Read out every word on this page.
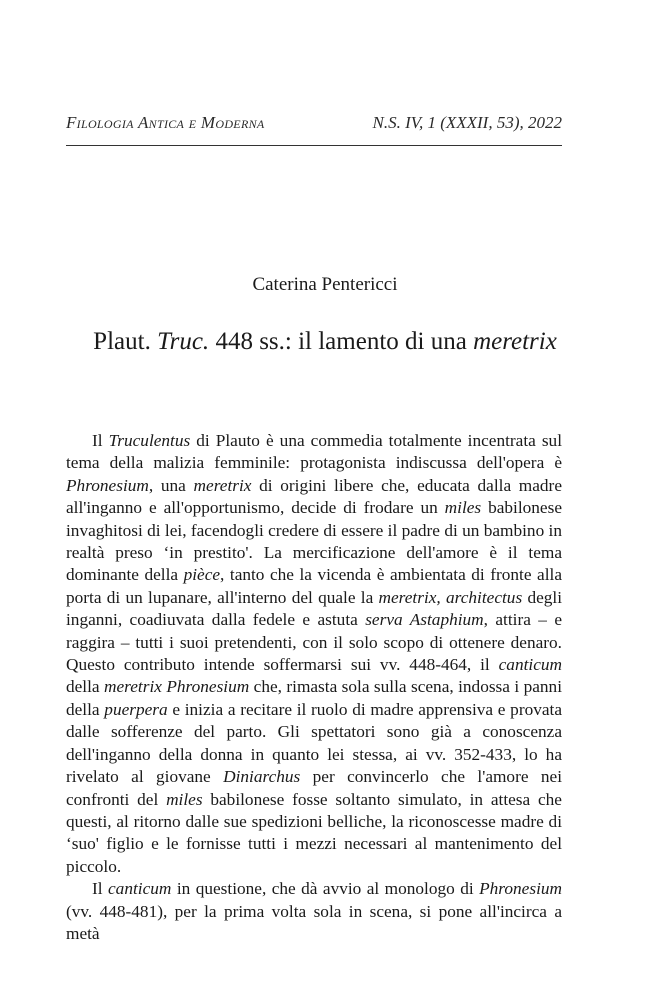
Filologia Antica e Moderna	N.S. IV, 1 (XXXII, 53), 2022
Caterina Pentericci
Plaut. Truc. 448 ss.: il lamento di una meretrix

Il Truculentus di Plauto è una commedia totalmente incentrata sul tema della malizia femminile: protagonista indiscussa dell'opera è Phronesium, una meretrix di origini libere che, educata dalla madre all'inganno e all'opportunismo, decide di frodare un miles babilonese invaghitosi di lei, facendogli credere di essere il padre di un bambino in realtà preso ‘in prestito'. La mercificazione dell'amore è il tema dominante della pièce, tanto che la vicenda è ambientata di fronte alla porta di un lupanare, all'interno del quale la meretrix, architectus degli inganni, coadiuvata dalla fedele e astuta serva Astaphium, attira – e raggira – tutti i suoi pretendenti, con il solo scopo di ottenere denaro. Questo contributo intende soffermarsi sui vv. 448-464, il canticum della meretrix Phronesium che, rimasta sola sulla scena, indossa i panni della puerpera e inizia a recitare il ruolo di madre apprensiva e provata dalle sofferenze del parto. Gli spettatori sono già a conoscenza dell'inganno della donna in quanto lei stessa, ai vv. 352-433, lo ha rivelato al giovane Diniarchus per convincerlo che l'amore nei confronti del miles babilonese fosse soltanto simulato, in attesa che questi, al ritorno dalle sue spedizioni belliche, la riconoscesse madre di ‘suo' figlio e le fornisse tutti i mezzi necessari al mantenimento del piccolo.

Il canticum in questione, che dà avvio al monologo di Phronesium (vv. 448-481), per la prima volta sola in scena, si pone all'incirca a metà
